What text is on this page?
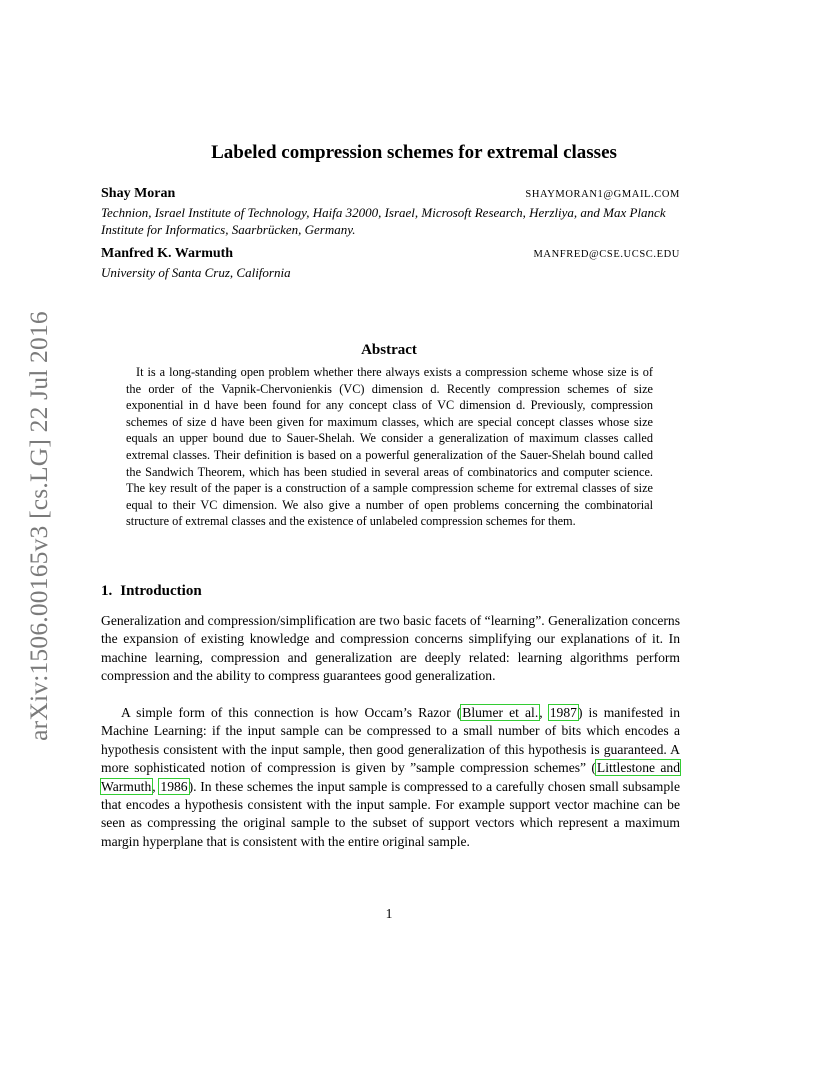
arXiv:1506.00165v3 [cs.LG] 22 Jul 2016
Labeled compression schemes for extremal classes
Shay Moran	SHAYMORAN1@GMAIL.COM
Technion, Israel Institute of Technology, Haifa 32000, Israel, Microsoft Research, Herzliya, and Max Planck Institute for Informatics, Saarbrücken, Germany.
Manfred K. Warmuth	MANFRED@CSE.UCSC.EDU
University of Santa Cruz, California
Abstract

It is a long-standing open problem whether there always exists a compression scheme whose size is of the order of the Vapnik-Chervonienkis (VC) dimension d. Recently compression schemes of size exponential in d have been found for any concept class of VC dimension d. Previously, compression schemes of size d have been given for maximum classes, which are special concept classes whose size equals an upper bound due to Sauer-Shelah. We consider a generalization of maximum classes called extremal classes. Their definition is based on a powerful generalization of the Sauer-Shelah bound called the Sandwich Theorem, which has been studied in several areas of combinatorics and computer science. The key result of the paper is a construction of a sample compression scheme for extremal classes of size equal to their VC dimension. We also give a number of open problems concerning the combinatorial structure of extremal classes and the existence of unlabeled compression schemes for them.

1. Introduction

Generalization and compression/simplification are two basic facets of “learning”. Generalization concerns the expansion of existing knowledge and compression concerns simplifying our explanations of it. In machine learning, compression and generalization are deeply related: learning algorithms perform compression and the ability to compress guarantees good generalization.

A simple form of this connection is how Occam’s Razor (Blumer et al., 1987) is manifested in Machine Learning: if the input sample can be compressed to a small number of bits which encodes a hypothesis consistent with the input sample, then good generalization of this hypothesis is guaranteed. A more sophisticated notion of compression is given by ”sample compression schemes” (Littlestone and Warmuth, 1986). In these schemes the input sample is compressed to a carefully chosen small subsample that encodes a hypothesis consistent with the input sample. For example support vector machine can be seen as compressing the original sample to the subset of support vectors which represent a maximum margin hyperplane that is consistent with the entire original sample.

1
